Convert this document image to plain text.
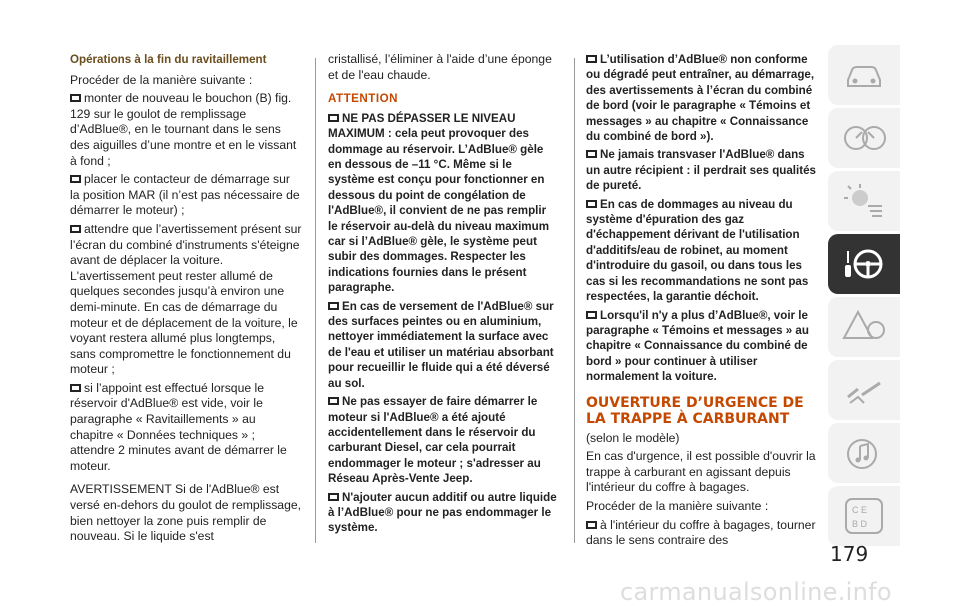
Opérations à la fin du ravitaillement
Procéder de la manière suivante :
monter de nouveau le bouchon (B) fig. 129 sur le goulot de remplissage d’AdBlue®, en le tournant dans le sens des aiguilles d’une montre et en le vissant à fond ;
placer le contacteur de démarrage sur la position MAR (il n’est pas nécessaire de démarrer le moteur) ;
attendre que l’avertissement présent sur l’écran du combiné d'instruments s'éteigne avant de déplacer la voiture. L'avertissement peut rester allumé de quelques secondes jusqu’à environ une demi-minute. En cas de démarrage du moteur et de déplacement de la voiture, le voyant restera allumé plus longtemps, sans compromettre le fonctionnement du moteur ;
si l’appoint est effectué lorsque le réservoir d'AdBlue® est vide, voir le paragraphe « Ravitaillements » au chapitre « Données techniques » ; attendre 2 minutes avant de démarrer le moteur.
AVERTISSEMENT Si de l'AdBlue® est versé en-dehors du goulot de remplissage, bien nettoyer la zone puis remplir de nouveau. Si le liquide s'est
cristallisé, l’éliminer à l'aide d’une éponge et de l'eau chaude.
ATTENTION
NE PAS DÉPASSER LE NIVEAU MAXIMUM : cela peut provoquer des dommage au réservoir. L’AdBlue® gèle en dessous de –11 °C. Même si le système est conçu pour fonctionner en dessous du point de congélation de l'AdBlue®, il convient de ne pas remplir le réservoir au-delà du niveau maximum car si l’AdBlue® gèle, le système peut subir des dommages. Respecter les indications fournies dans le présent paragraphe.
En cas de versement de l'AdBlue® sur des surfaces peintes ou en aluminium, nettoyer immédiatement la surface avec de l'eau et utiliser un matériau absorbant pour recueillir le fluide qui a été déversé au sol.
Ne pas essayer de faire démarrer le moteur si l'AdBlue® a été ajouté accidentellement dans le réservoir du carburant Diesel, car cela pourrait endommager le moteur ; s'adresser au Réseau Après-Vente Jeep.
N'ajouter aucun additif ou autre liquide à l’AdBlue® pour ne pas endommager le système.
L’utilisation d’AdBlue® non conforme ou dégradé peut entraîner, au démarrage, des avertissements à l’écran du combiné de bord (voir le paragraphe « Témoins et messages » au chapitre « Connaissance du combiné de bord »).
Ne jamais transvaser l'AdBlue® dans un autre récipient : il perdrait ses qualités de pureté.
En cas de dommages au niveau du système d'épuration des gaz d'échappement dérivant de l'utilisation d'additifs/eau de robinet, au moment d'introduire du gasoil, ou dans tous les cas si les recommandations ne sont pas respectées, la garantie déchoit.
Lorsqu'il n'y a plus d’AdBlue®, voir le paragraphe « Témoins et messages » au chapitre « Connaissance du combiné de bord » pour continuer à utiliser normalement la voiture.
OUVERTURE D’URGENCE DE LA TRAPPE À CARBURANT
(selon le modèle)
En cas d'urgence, il est possible d'ouvrir la trappe à carburant en agissant depuis l'intérieur du coffre à bagages.
Procéder de la manière suivante :
à l'intérieur du coffre à bagages, tourner dans le sens contraire des
C E
B D
179
carmanualsonline.info
